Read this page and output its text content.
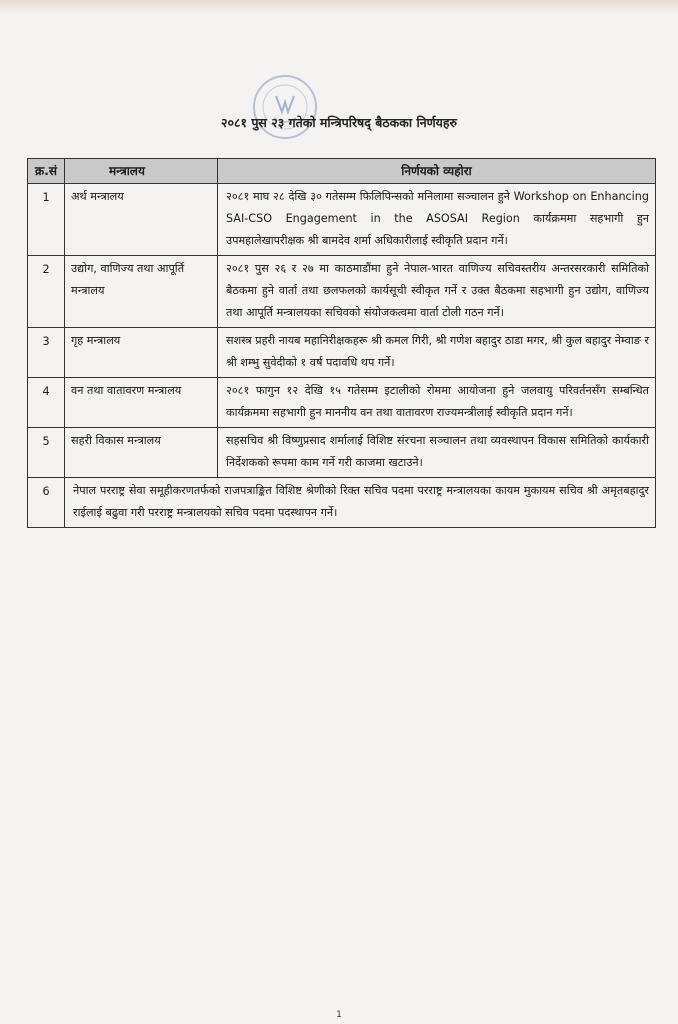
२०८१ पुस २३ गतेको मन्त्रिपरिषद् बैठकका निर्णयहरु
क्र.सं	मन्त्रालय	निर्णयको व्यहोरा
1	अर्थ मन्त्रालय	२०८१ माघ २८ देखि ३० गतेसम्म फिलिपिन्सको मनिलामा सञ्चालन हुने Workshop on Enhancing SAI-CSO Engagement in the ASOSAI Region कार्यक्रममा सहभागी हुन उपमहालेखापरीक्षक श्री बामदेव शर्मा अधिकारीलाई स्वीकृति प्रदान गर्ने।
2	उद्योग, वाणिज्य तथा आपूर्ति मन्त्रालय	२०८१ पुस २६ र २७ मा काठमाडौंमा हुने नेपाल-भारत वाणिज्य सचिवस्तरीय अन्तरसरकारी समितिको बैठकमा हुने वार्ता तथा छलफलको कार्यसूची स्वीकृत गर्ने र उक्त बैठकमा सहभागी हुन उद्योग, वाणिज्य तथा आपूर्ति मन्त्रालयका सचिवको संयोजकत्वमा वार्ता टोली गठन गर्ने।
3	गृह मन्त्रालय	सशस्त्र प्रहरी नायब महानिरीक्षकहरू श्री कमल गिरी, श्री गणेश बहादुर ठाडा मगर, श्री कुल बहादुर नेम्वाङ र श्री शम्भु सुवेदीको १ वर्ष पदावधि थप गर्ने।
4	वन तथा वातावरण मन्त्रालय	२०८१ फागुन १२ देखि १५ गतेसम्म इटालीको रोममा आयोजना हुने जलवायु परिवर्तनसँग सम्बन्धित कार्यक्रममा सहभागी हुन माननीय वन तथा वातावरण राज्यमन्त्रीलाई स्वीकृति प्रदान गर्ने।
5	सहरी विकास मन्त्रालय	सहसचिव श्री विष्णुप्रसाद शर्मालाई विशिष्ट संरचना सञ्चालन तथा व्यवस्थापन विकास समितिको कार्यकारी निर्देशकको रूपमा काम गर्ने गरी काजमा खटाउने।
6	नेपाल परराष्ट्र सेवा समूहीकरणतर्फको राजपत्राङ्कित विशिष्ट श्रेणीको रिक्त सचिव पदमा परराष्ट्र मन्त्रालयका कायम मुकायम सचिव श्री अमृतबहादुर राईलाई बढुवा गरी परराष्ट्र मन्त्रालयको सचिव पदमा पदस्थापन गर्ने।	
1
